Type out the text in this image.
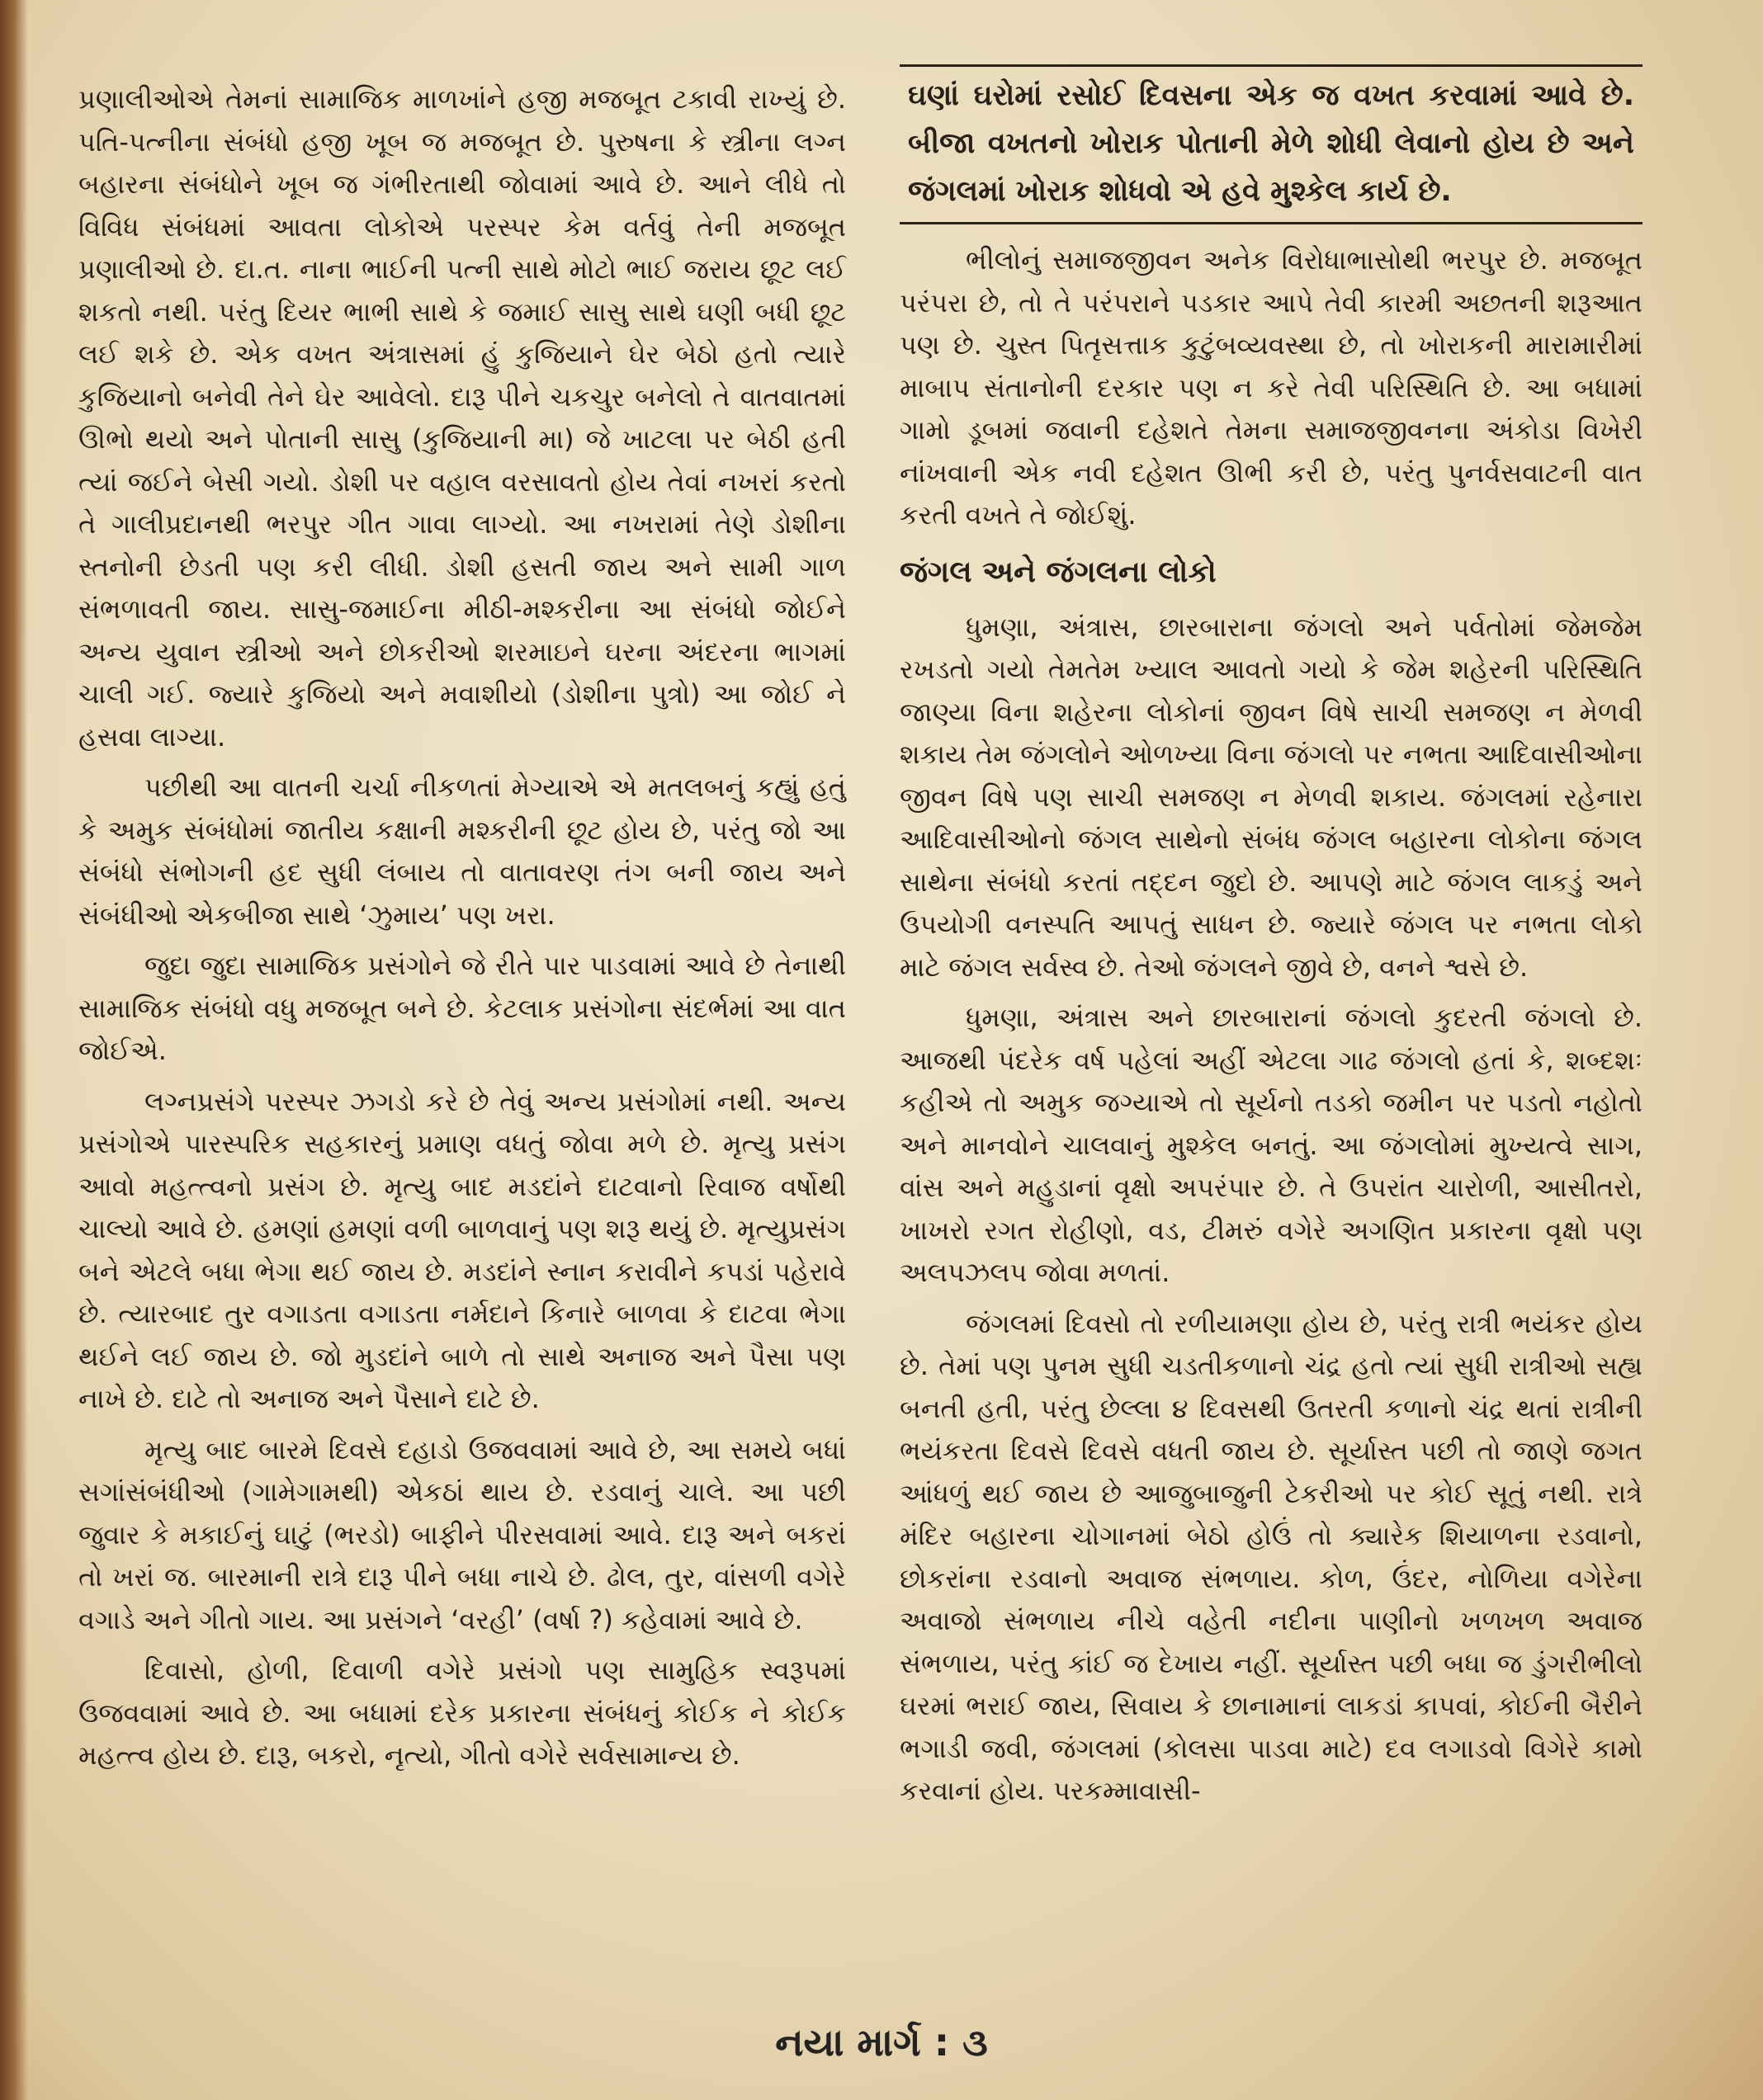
પ્રણાલીઓએ તેમનાં સામાજિક માળખાંને હજી મજબૂત ટકાવી રાખ્યું છે. પતિ-પત્નીના સંબંધો હજી ખૂબ જ મજબૂત છે. પુરુષના કે સ્ત્રીના લગ્ન બહારના સંબંધોને ખૂબ જ ગંભીરતાથી જોવામાં આવે છે. આને લીધે તો વિવિધ સંબંધમાં આવતા લોકોએ પરસ્પર કેમ વર્તવું તેની મજબૂત પ્રણાલીઓ છે. દા.ત. નાના ભાઈની પત્ની સાથે મોટો ભાઈ જરાય છૂટ લઈ શકતો નથી. પરંતુ દિયર ભાભી સાથે કે જમાઈ સાસુ સાથે ઘણી બધી છૂટ લઈ શકે છે. એક વખત અંત્રાસમાં હું કુજિયાને ઘેર બેઠો હતો ત્યારે કુજિયાનો બનેવી તેને ઘેર આવેલો. દારૂ પીને ચકચુર બનેલો તે વાતવાતમાં ઊભો થયો અને પોતાની સાસુ (કુજિયાની મા) જે ખાટલા પર બેઠી હતી ત્યાં જઈને બેસી ગયો. ડોશી પર વહાલ વરસાવતો હોય તેવાં નખરાં કરતો તે ગાલીપ્રદાનથી ભરપુર ગીત ગાવા લાગ્યો. આ નખરામાં તેણે ડોશીના સ્તનોની છેડતી પણ કરી લીધી. ડોશી હસતી જાય અને સામી ગાળ સંભળાવતી જાય. સાસુ-જમાઈના મીઠી-મશ્કરીના આ સંબંધો જોઈને અન્ય યુવાન સ્ત્રીઓ અને છોકરીઓ શરમાઇને ઘરના અંદરના ભાગમાં ચાલી ગઈ. જ્યારે કુજિયો અને મવાશીયો (ડોશીના પુત્રો) આ જોઈ ને હસવા લાગ્યા.

પછીથી આ વાતની ચર્ચા નીકળતાં મેગ્યાએ એ મતલબનું કહ્યું હતું કે અમુક સંબંધોમાં જાતીય કક્ષાની મશ્કરીની છૂટ હોય છે, પરંતુ જો આ સંબંધો સંભોગની હદ સુધી લંબાય તો વાતાવરણ તંગ બની જાય અને સંબંધીઓ એકબીજા સાથે ‘ઝુમાય’ પણ ખરા.

જુદા જુદા સામાજિક પ્રસંગોને જે રીતે પાર પાડવામાં આવે છે તેનાથી સામાજિક સંબંધો વધુ મજબૂત બને છે. કેટલાક પ્રસંગોના સંદર્ભમાં આ વાત જોઈએ.

લગ્નપ્રસંગે પરસ્પર ઝગડો કરે છે તેવું અન્ય પ્રસંગોમાં નથી. અન્ય પ્રસંગોએ પારસ્પરિક સહકારનું પ્રમાણ વધતું જોવા મળે છે. મૃત્યુ પ્રસંગ આવો મહત્ત્વનો પ્રસંગ છે. મૃત્યુ બાદ મડદાંને દાટવાનો રિવાજ વર્ષોથી ચાલ્યો આવે છે. હમણાં હમણાં વળી બાળવાનું પણ શરૂ થયું છે. મૃત્યુપ્રસંગ બને એટલે બધા ભેગા થઈ જાય છે. મડદાંને સ્નાન કરાવીને કપડાં પહેરાવે છે. ત્યારબાદ તુર વગાડતા વગાડતા નર્મદાને કિનારે બાળવા કે દાટવા ભેગા થઈને લઈ જાય છે. જો મુડદાંને બાળે તો સાથે અનાજ અને પૈસા પણ નાખે છે. દાટે તો અનાજ અને પૈસાને દાટે છે.

મૃત્યુ બાદ બારમે દિવસે દહાડો ઉજવવામાં આવે છે, આ સમયે બધાં સગાંસંબંધીઓ (ગામેગામથી) એકઠાં થાય છે. રડવાનું ચાલે. આ પછી જુવાર કે મકાઈનું ઘાટું (ભરડો) બાફીને પીરસવામાં આવે. દારૂ અને બકરાં તો ખરાં જ. બારમાની રાત્રે દારૂ પીને બધા નાચે છે. ઢોલ, તુર, વાંસળી વગેરે વગાડે અને ગીતો ગાય. આ પ્રસંગને ‘વરહી’ (વર્ષા ?) કહેવામાં આવે છે.

દિવાસો, હોળી, દિવાળી વગેરે પ્રસંગો પણ સામુહિક સ્વરૂપમાં ઉજવવામાં આવે છે. આ બધામાં દરેક પ્રકારના સંબંધનું કોઈક ને કોઈક મહત્ત્વ હોય છે. દારૂ, બકરો, નૃત્યો, ગીતો વગેરે સર્વસામાન્ય છે.

ઘણાં ઘરોમાં રસોઈ દિવસના એક જ વખત કરવામાં આવે છે. બીજા વખતનો ખોરાક પોતાની મેળે શોધી લેવાનો હોય છે અને જંગલમાં ખોરાક શોધવો એ હવે મુશ્કેલ કાર્ય છે.

ભીલોનું સમાજજીવન અનેક વિરોધાભાસોથી ભરપુર છે. મજબૂત પરંપરા છે, તો તે પરંપરાને પડકાર આપે તેવી કારમી અછતની શરૂઆત પણ છે. ચુસ્ત પિતૃસત્તાક કુટુંબવ્યવસ્થા છે, તો ખોરાકની મારામારીમાં માબાપ સંતાનોની દરકાર પણ ન કરે તેવી પરિસ્થિતિ છે. આ બધામાં ગામો ડૂબમાં જવાની દહેશતે તેમના સમાજજીવનના અંકોડા વિખેરી નાંખવાની એક નવી દહેશત ઊભી કરી છે, પરંતુ પુનર્વસવાટની વાત કરતી વખતે તે જોઈશું.

જંગલ અને જંગલના લોકો

ધુમણા, અંત્રાસ, છારબારાના જંગલો અને પર્વતોમાં જેમજેમ રખડતો ગયો તેમતેમ ખ્યાલ આવતો ગયો કે જેમ શહેરની પરિસ્થિતિ જાણ્યા વિના શહેરના લોકોનાં જીવન વિષે સાચી સમજણ ન મેળવી શકાય તેમ જંગલોને ઓળખ્યા વિના જંગલો પર નભતા આદિવાસીઓના જીવન વિષે પણ સાચી સમજણ ન મેળવી શકાય. જંગલમાં રહેનારા આદિવાસીઓનો જંગલ સાથેનો સંબંધ જંગલ બહારના લોકોના જંગલ સાથેના સંબંધો કરતાં તદ્દન જુદો છે. આપણે માટે જંગલ લાકડું અને ઉપયોગી વનસ્પતિ આપતું સાધન છે. જ્યારે જંગલ પર નભતા લોકો માટે જંગલ સર્વસ્વ છે. તેઓ જંગલને જીવે છે, વનને શ્વસે છે.

ધુમણા, અંત્રાસ અને છારબારાનાં જંગલો કુદરતી જંગલો છે. આજથી પંદરેક વર્ષ પહેલાં અહીં એટલા ગાઢ જંગલો હતાં કે, શબ્દશઃ કહીએ તો અમુક જગ્યાએ તો સૂર્યનો તડકો જમીન પર પડતો નહોતો અને માનવોને ચાલવાનું મુશ્કેલ બનતું. આ જંગલોમાં મુખ્યત્વે સાગ, વાંસ અને મહુડાનાં વૃક્ષો અપરંપાર છે. તે ઉપરાંત ચારોળી, આસીતરો, ખાખરો રગત રોહીણો, વડ, ટીમરું વગેરે અગણિત પ્રકારના વૃક્ષો પણ અલપઝલપ જોવા મળતાં.

જંગલમાં દિવસો તો રળીયામણા હોય છે, પરંતુ રાત્રી ભયંકર હોય છે. તેમાં પણ પુનમ સુધી ચડતીકળાનો ચંદ્ર હતો ત્યાં સુધી રાત્રીઓ સહ્ય બનતી હતી, પરંતુ છેલ્લા ૪ દિવસથી ઉતરતી કળાનો ચંદ્ર થતાં રાત્રીની ભયંકરતા દિવસે દિવસે વધતી જાય છે. સૂર્યાસ્ત પછી તો જાણે જગત આંધળું થઈ જાય છે આજુબાજુની ટેકરીઓ પર કોઈ સૂતું નથી. રાત્રે મંદિર બહારના ચોગાનમાં બેઠો હોઉં તો ક્યારેક શિયાળના રડવાનો, છોકરાંના રડવાનો અવાજ સંભળાય. કોળ, ઉંદર, નોળિયા વગેરેના અવાજો સંભળાય નીચે વહેતી નદીના પાણીનો ખળખળ અવાજ સંભળાય, પરંતુ કાંઈ જ દેખાય નહીં. સૂર્યાસ્ત પછી બધા જ ડુંગરીભીલો ઘરમાં ભરાઈ જાય, સિવાય કે છાનામાનાં લાકડાં કાપવાં, કોઈની બૈરીને ભગાડી જવી, જંગલમાં (કોલસા પાડવા માટે) દવ લગાડવો વિગેરે કામો કરવાનાં હોય. પરકમ્માવાસી-

નયા માર્ગ : ૩
